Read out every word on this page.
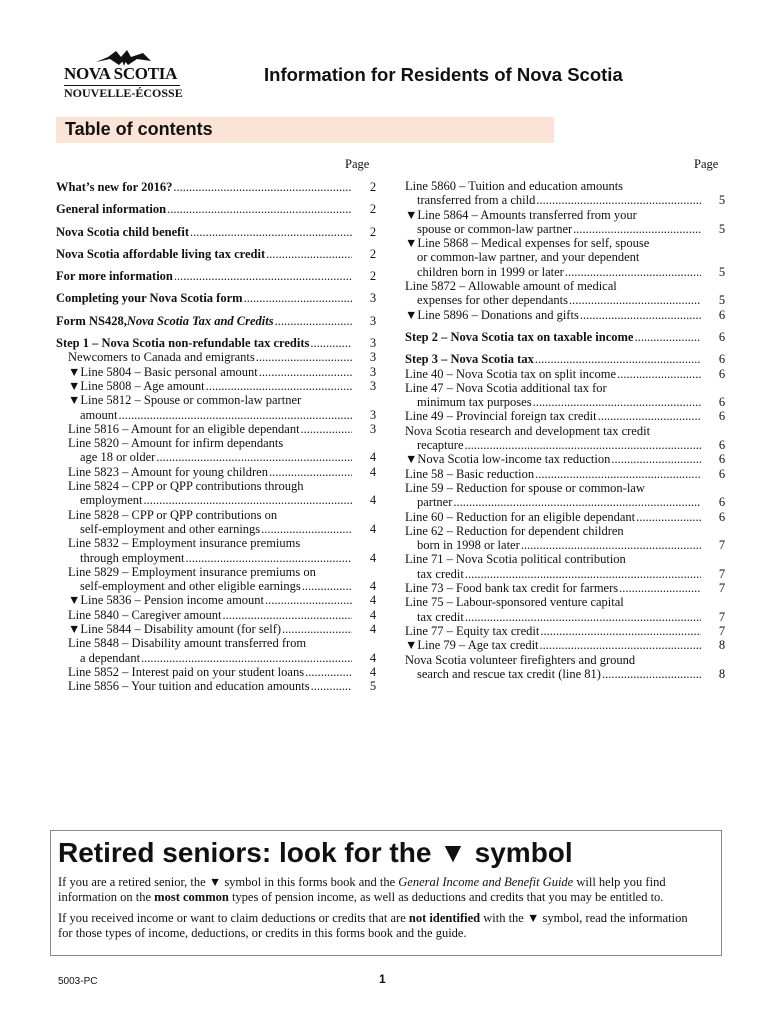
NOVA SCOTIA
NOUVELLE-ÉCOSSE
Information for Residents of Nova Scotia
Table of contents
Page	Page
What’s new for 2016? .....	2
General information .....	2
Nova Scotia child benefit .....	2
Nova Scotia affordable living tax credit .....	2
For more information .....	2
Completing your Nova Scotia form .....	3
Form NS428, Nova Scotia Tax and Credits .....	3
Step 1 – Nova Scotia non-refundable tax credits .....	3
Newcomers to Canada and emigrants .....	3
▼Line 5804 – Basic personal amount .....	3
▼Line 5808 – Age amount .....	3
▼Line 5812 – Spouse or common-law partner
amount .....	3
Line 5816 – Amount for an eligible dependant .....	3
Line 5820 – Amount for infirm dependants
age 18 or older .....	4
Line 5823 – Amount for young children .....	4
Line 5824 – CPP or QPP contributions through
employment .....	4
Line 5828 – CPP or QPP contributions on
self-employment and other earnings .....	4
Line 5832 – Employment insurance premiums
through employment .....	4
Line 5829 – Employment insurance premiums on
self-employment and other eligible earnings .....	4
▼Line 5836 – Pension income amount .....	4
Line 5840 – Caregiver amount .....	4
▼Line 5844 – Disability amount (for self) .....	4
Line 5848 – Disability amount transferred from
a dependant .....	4
Line 5852 – Interest paid on your student loans .....	4
Line 5856 – Your tuition and education amounts .....	5
Line 5860 – Tuition and education amounts
transferred from a child .....	5
▼Line 5864 – Amounts transferred from your
spouse or common-law partner .....	5
▼Line 5868 – Medical expenses for self, spouse
or common-law partner, and your dependent
children born in 1999 or later .....	5
Line 5872 – Allowable amount of medical
expenses for other dependants .....	5
▼Line 5896 – Donations and gifts .....	6
Step 2 – Nova Scotia tax on taxable income .....	6
Step 3 – Nova Scotia tax .....	6
Line 40 – Nova Scotia tax on split income .....	6
Line 47 – Nova Scotia additional tax for
minimum tax purposes .....	6
Line 49 – Provincial foreign tax credit .....	6
Nova Scotia research and development tax credit
recapture .....	6
▼Nova Scotia low-income tax reduction .....	6
Line 58 – Basic reduction .....	6
Line 59 – Reduction for spouse or common-law
partner .....	6
Line 60 – Reduction for an eligible dependant .....	6
Line 62 – Reduction for dependent children
born in 1998 or later .....	7
Line 71 – Nova Scotia political contribution
tax credit .....	7
Line 73 – Food bank tax credit for farmers .....	7
Line 75 – Labour-sponsored venture capital
tax credit .....	7
Line 77 – Equity tax credit .....	7
▼Line 79 – Age tax credit .....	8
Nova Scotia volunteer firefighters and ground
search and rescue tax credit (line 81) .....	8
Retired seniors: look for the ▼ symbol
If you are a retired senior, the ▼ symbol in this forms book and the General Income and Benefit Guide will help you find information on the most common types of pension income, as well as deductions and credits that you may be entitled to.
If you received income or want to claim deductions or credits that are not identified with the ▼ symbol, read the information for those types of income, deductions, or credits in this forms book and the guide.
5003-PC	1
